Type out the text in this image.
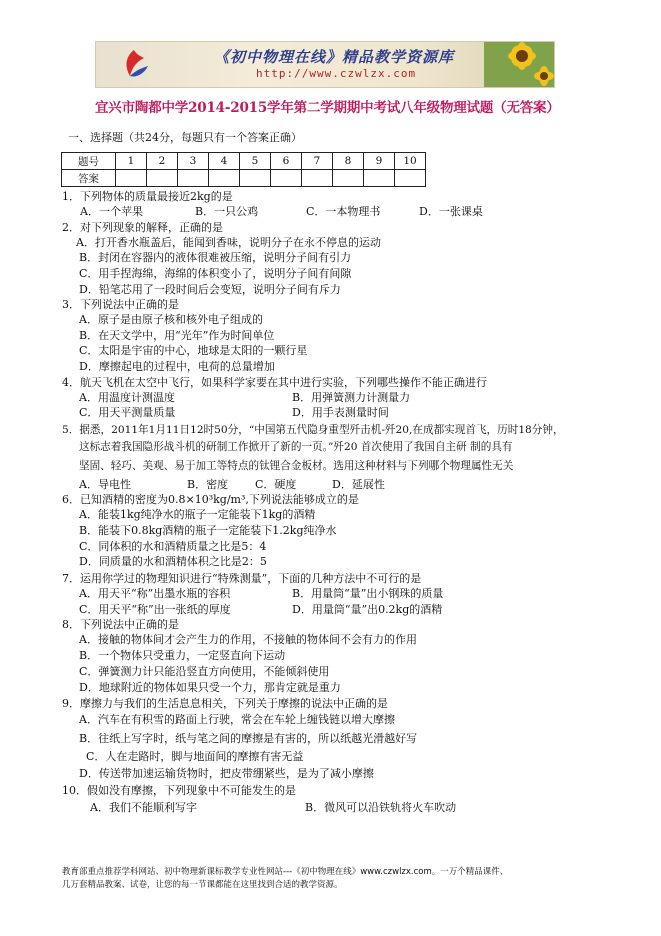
《初中物理在线》精品教学资源库
http://www.czwlzx.com
宜兴市陶都中学2014-2015学年第二学期期中考试八年级物理试题（无答案）
一、选择题（共24分，每题只有一个答案正确）
题号	1	2	3	4	5	6	7	8	9	10
答案										
1．下列物体的质量最接近2kg的是
A．一个苹果	B．一只公鸡	C．一本物理书	D．一张课桌
2．对下列现象的解释，正确的是
A．打开香水瓶盖后，能闻到香味，说明分子在永不停息的运动
B．封闭在容器内的液体很难被压缩，说明分子间有引力
C．用手捏海绵，海绵的体积变小了，说明分子间有间隙
D．铅笔芯用了一段时间后会变短，说明分子间有斥力
3．下列说法中正确的是
A．原子是由原子核和核外电子组成的
B．在天文学中，用“光年”作为时间单位
C．太阳是宇宙的中心，地球是太阳的一颗行星
D．摩擦起电的过程中，电荷的总量增加
4．航天飞机在太空中飞行，如果科学家要在其中进行实验，下列哪些操作不能正确进行
A．用温度计测温度	B．用弹簧测力计测量力
C．用天平测量质量	D．用手表测量时间
5．据悉，2011年1月11日12时50分，“中国第五代隐身重型歼击机-歼20,在成都实现首飞，历时18分钟，
这标志着我国隐形战斗机的研制工作掀开了新的一页。”歼20 首次使用了我国自主研 制的具有
坚固、轻巧、美观、易于加工等特点的钛锂合金板材。选用这种材料与下列哪个物理属性无关
A．导电性	B．密度 C．硬度	D．延展性
6．已知酒精的密度为0.8×10³kg/m³,下列说法能够成立的是
A．能装1kg纯净水的瓶子一定能装下1kg的酒精
B．能装下0.8kg酒精的瓶子一定能装下1.2kg纯净水
C．同体积的水和酒精质量之比是5：4
D．同质量的水和酒精体积之比是2：5
7．运用你学过的物理知识进行“特殊测量”，下面的几种方法中不可行的是
A．用天平“称”出墨水瓶的容积	B．用量筒“量”出小钢珠的质量
C．用天平“称”出一张纸的厚度	D．用量筒“量”出0.2kg的酒精
8．下列说法中正确的是
A．接触的物体间才会产生力的作用，不接触的物体间不会有力的作用
B．一个物体只受重力，一定竖直向下运动
C．弹簧测力计只能沿竖直方向使用，不能倾斜使用
D．地球附近的物体如果只受一个力，那肯定就是重力
9．摩擦力与我们的生活息息相关，下列关于摩擦的说法中正确的是
A．汽车在有积雪的路面上行驶，常会在车轮上缠钱链以增大摩擦
B．往纸上写字时，纸与笔之间的摩擦是有害的，所以纸越光滑越好写
C．人在走路时，脚与地面间的摩擦有害无益
D．传送带加速运输货物时，把皮带绷紧些，是为了减小摩擦
10．假如没有摩擦，下列现象中不可能发生的是
A．我们不能顺利写字	B．微风可以沿铁轨将火车吹动
教育部重点推荐学科网站、初中物理新课标教学专业性网站---《初中物理在线》www.czwlzx.com。一万个精品课件、
几万套精品教案、试卷，让您的每一节课都能在这里找到合适的教学资源。
